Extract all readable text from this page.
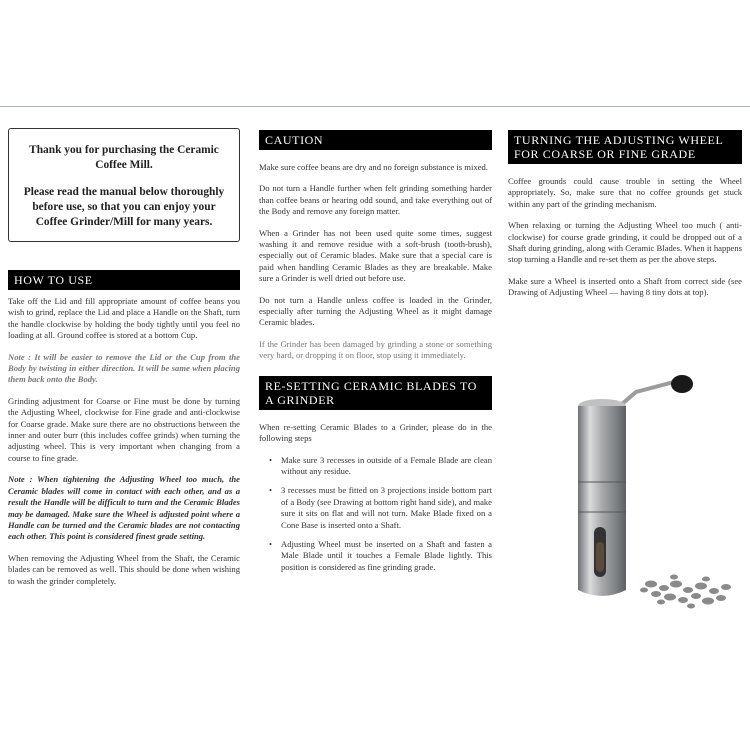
Thank you for purchasing the Ceramic Coffee Mill.

Please read the manual below thoroughly before use, so that you can enjoy your Coffee Grinder/Mill for many years.

HOW TO USE

Take off the Lid and fill appropriate amount of coffee beans you wish to grind, replace the Lid and place a Handle on the Shaft, turn the handle clockwise by holding the body tightly until you feel no loading at all. Ground coffee is stored at a bottom Cup.

Note : It will be easier to remove the Lid or the Cup from the Body by twisting in either direction. It will be same when placing them back onto the Body.

Grinding adjustment for Coarse or Fine must be done by turning the Adjusting Wheel, clockwise for Fine grade and anti-clockwise for Coarse grade. Make sure there are no obstructions between the inner and outer burr (this includes coffee grinds) when turning the adjusting wheel. This is very important when changing from a course to fine grade.

Note : When tightening the Adjusting Wheel too much, the Ceramic blades will come in contact with each other, and as a result the Handle will be difficult to turn and the Ceramic Blades may be damaged. Make sure the Wheel is adjusted point where a Handle can be turned and the Ceramic blades are not contacting each other. This point is considered finest grade setting.

When removing the Adjusting Wheel from the Shaft, the Ceramic blades can be removed as well. This should be done when wishing to wash the grinder completely.

CAUTION

Make sure coffee beans are dry and no foreign substance is mixed.

Do not turn a Handle further when felt grinding something harder than coffee beans or hearing odd sound, and take everything out of the Body and remove any foreign matter.

When a Grinder has not been used quite some times, suggest washing it and remove residue with a soft-brush (tooth-brush), especially out of Ceramic blades. Make sure that a special care is paid when handling Ceramic Blades as they are breakable. Make sure a Grinder is well dried out before use.

Do not turn a Handle unless coffee is loaded in the Grinder, especially after turning the Adjusting Wheel as it might damage Ceramic blades.

If the Grinder has been damaged by grinding a stone or something very hard, or dropping it on floor, stop using it immediately.

RE-SETTING CERAMIC BLADES TO A GRINDER

When re-setting Ceramic Blades to a Grinder, please do in the following steps

• Make sure 3 recesses in outside of a Female Blade are clean without any residue.
• 3 recesses must be fitted on 3 projections inside bottom part of a Body (see Drawing at bottom right hand side), and make sure it sits on flat and will not turn. Make Blade fixed on a Cone Base is inserted onto a Shaft.
• Adjusting Wheel must be inserted on a Shaft and fasten a Male Blade until it touches a Female Blade lightly. This position is considered as fine grinding grade.
TURNING THE ADJUSTING WHEEL FOR COARSE OR FINE GRADE

Coffee grounds could cause trouble in setting the Wheel appropriately. So, make sure that no coffee grounds get stuck within any part of the grinding mechanism.

When relaxing or turning the Adjusting Wheel too much ( anti-clockwise) for course grade grinding, it could be dropped out of a Shaft during grinding, along with Ceramic Blades. When it happens stop turning a Handle and re-set them as per the above steps.

Make sure a Wheel is inserted onto a Shaft from correct side (see Drawing of Adjusting Wheel — having 8 tiny dots at top).
